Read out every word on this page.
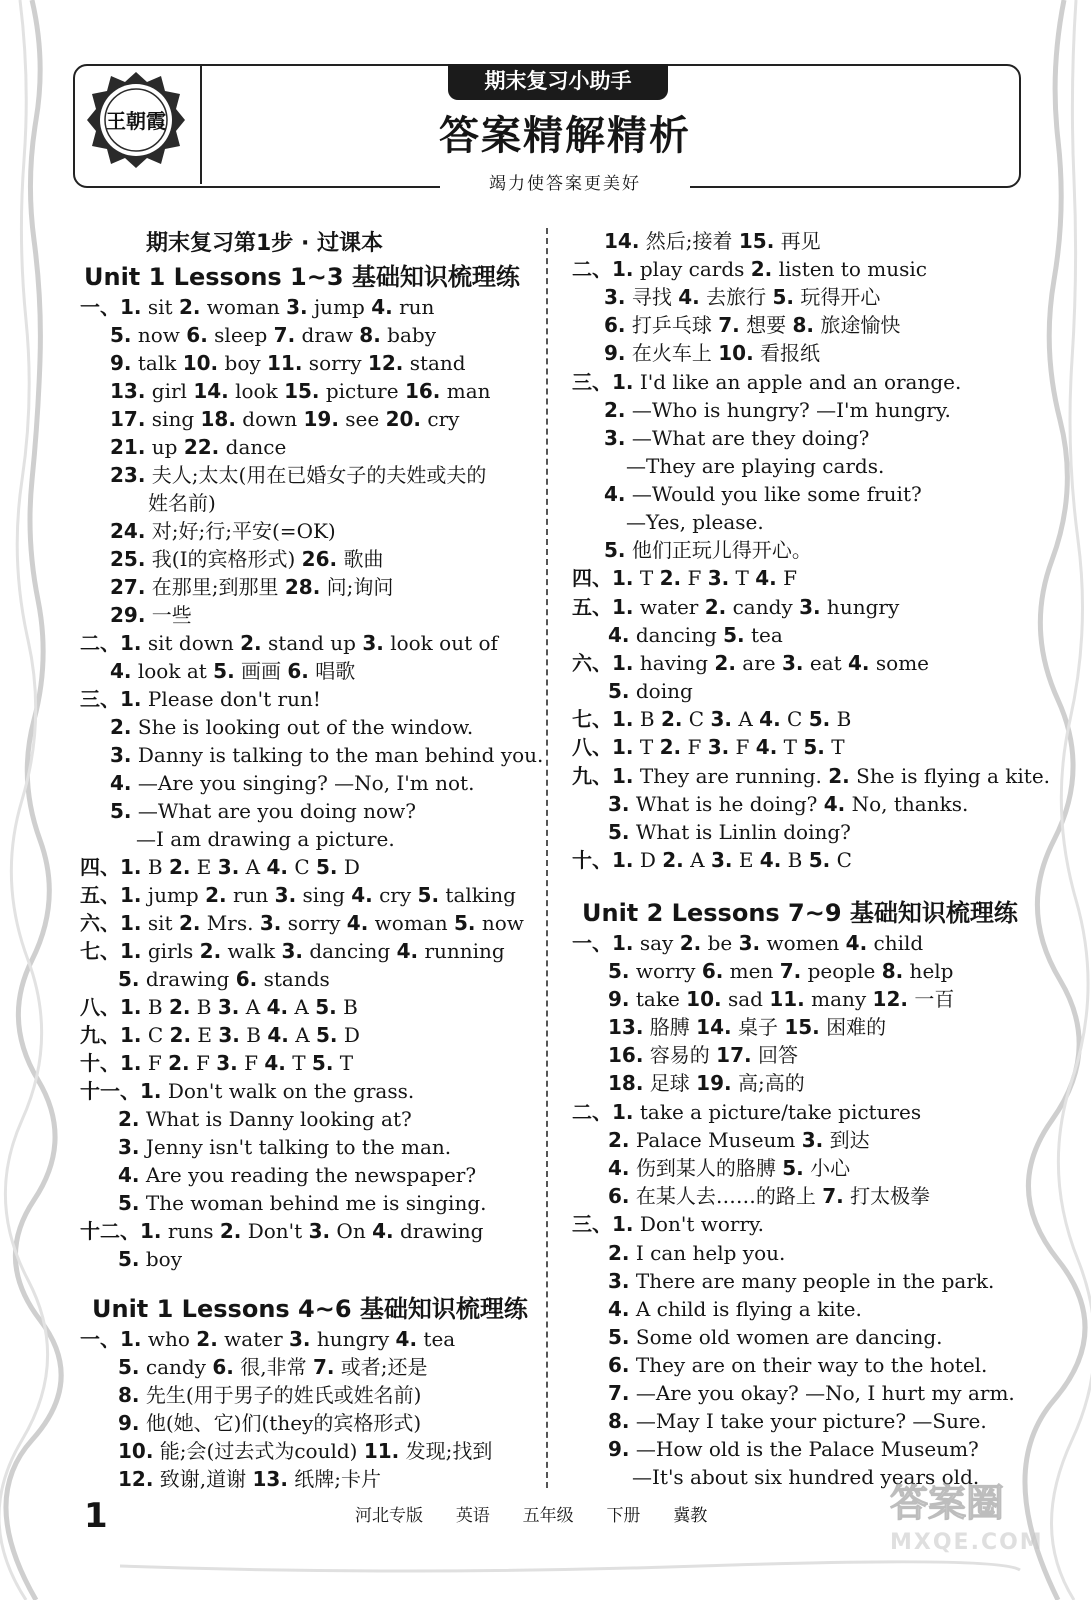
期末复习小助手
答案精解精析
竭力使答案更美好
王朝霞
期末复习第1步 · 过课本
Unit 1 Lessons 1~3 基础知识梳理练
一、1. sit 2. woman 3. jump 4. run
5. now 6. sleep 7. draw 8. baby
9. talk 10. boy 11. sorry 12. stand
13. girl 14. look 15. picture 16. man
17. sing 18. down 19. see 20. cry
21. up 22. dance
23. 夫人;太太(用在已婚女子的夫姓或夫的
姓名前)
24. 对;好;行;平安(=OK)
25. 我(I的宾格形式) 26. 歌曲
27. 在那里;到那里 28. 问;询问
29. 一些
二、1. sit down 2. stand up 3. look out of
4. look at 5. 画画 6. 唱歌
三、1. Please don't run!
2. She is looking out of the window.
3. Danny is talking to the man behind you.
4. —Are you singing? —No, I'm not.
5. —What are you doing now?
—I am drawing a picture.
四、1. B 2. E 3. A 4. C 5. D
五、1. jump 2. run 3. sing 4. cry 5. talking
六、1. sit 2. Mrs. 3. sorry 4. woman 5. now
七、1. girls 2. walk 3. dancing 4. running
5. drawing 6. stands
八、1. B 2. B 3. A 4. A 5. B
九、1. C 2. E 3. B 4. A 5. D
十、1. F 2. F 3. F 4. T 5. T
十一、1. Don't walk on the grass.
2. What is Danny looking at?
3. Jenny isn't talking to the man.
4. Are you reading the newspaper?
5. The woman behind me is singing.
十二、1. runs 2. Don't 3. On 4. drawing
5. boy
Unit 1 Lessons 4~6 基础知识梳理练
一、1. who 2. water 3. hungry 4. tea
5. candy 6. 很,非常 7. 或者;还是
8. 先生(用于男子的姓氏或姓名前)
9. 他(她、它)们(they的宾格形式)
10. 能;会(过去式为could) 11. 发现;找到
12. 致谢,道谢 13. 纸牌;卡片
14. 然后;接着 15. 再见
二、1. play cards 2. listen to music
3. 寻找 4. 去旅行 5. 玩得开心
6. 打乒乓球 7. 想要 8. 旅途愉快
9. 在火车上 10. 看报纸
三、1. I'd like an apple and an orange.
2. —Who is hungry? —I'm hungry.
3. —What are they doing?
—They are playing cards.
4. —Would you like some fruit?
—Yes, please.
5. 他们正玩儿得开心。
四、1. T 2. F 3. T 4. F
五、1. water 2. candy 3. hungry
4. dancing 5. tea
六、1. having 2. are 3. eat 4. some
5. doing
七、1. B 2. C 3. A 4. C 5. B
八、1. T 2. F 3. F 4. T 5. T
九、1. They are running. 2. She is flying a kite.
3. What is he doing? 4. No, thanks.
5. What is Linlin doing?
十、1. D 2. A 3. E 4. B 5. C
Unit 2 Lessons 7~9 基础知识梳理练
一、1. say 2. be 3. women 4. child
5. worry 6. men 7. people 8. help
9. take 10. sad 11. many 12. 一百
13. 胳膊 14. 桌子 15. 困难的
16. 容易的 17. 回答
18. 足球 19. 高;高的
二、1. take a picture/take pictures
2. Palace Museum 3. 到达
4. 伤到某人的胳膊 5. 小心
6. 在某人去……的路上 7. 打太极拳
三、1. Don't worry.
2. I can help you.
3. There are many people in the park.
4. A child is flying a kite.
5. Some old women are dancing.
6. They are on their way to the hotel.
7. —Are you okay? —No, I hurt my arm.
8. —May I take your picture? —Sure.
9. —How old is the Palace Museum?
—It's about six hundred years old.
1	河北专版 英语 五年级 下册 冀教	答案圈
MXQE.COM
